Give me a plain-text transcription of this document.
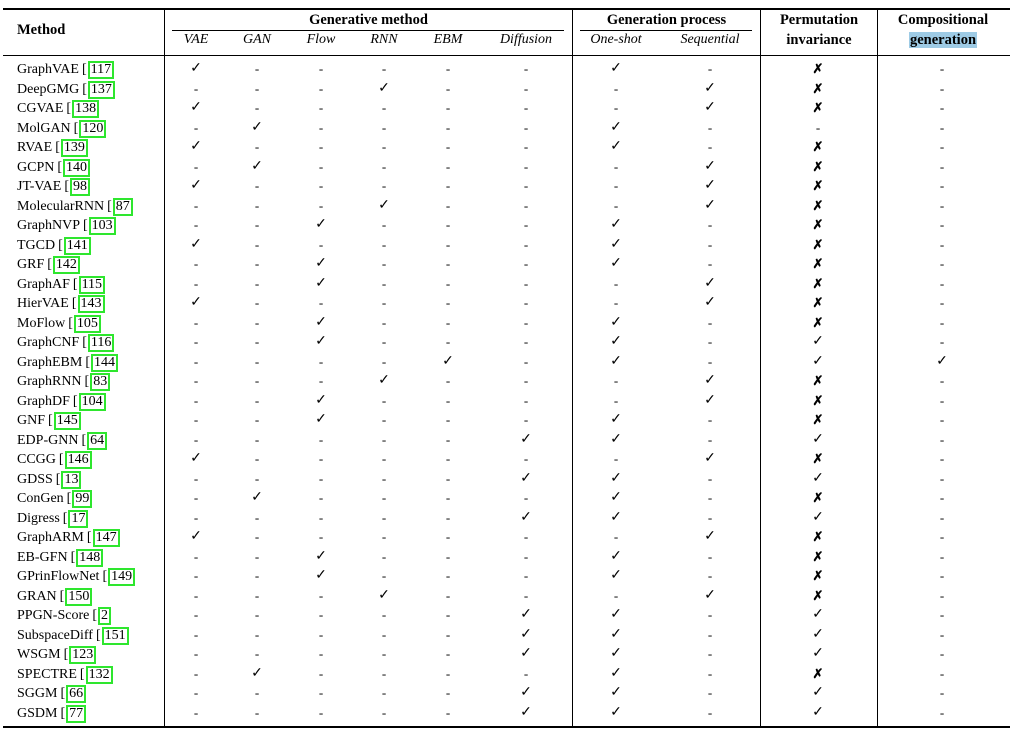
Method
Generative method	Generation process	Permutation
invariance
Compositional
generation
VAE	GAN	Flow	RNN	EBM	Diffusion	One-shot	Sequential
GraphVAE [ 117	✓	-	-	-	-	-	✓	-	✗	-
DeepGMG [ 137	-	-	-	✓	-	-	-	✓	✗	-
CGVAE [ 138	✓	-	-	-	-	-	-	✓	✗	-
MolGAN [ 120	-	✓	-	-	-	-	✓	-	-	-
RVAE [ 139	✓	-	-	-	-	-	✓	-	✗	-
GCPN [ 140	-	✓	-	-	-	-	-	✓	✗	-
JT-VAE [ 98	✓	-	-	-	-	-	-	✓	✗	-
MolecularRNN [ 87	-	-	-	✓	-	-	-	✓	✗	-
GraphNVP [ 103	-	-	✓	-	-	-	✓	-	✗	-
TGCD [ 141	✓	-	-	-	-	-	✓	-	✗	-
GRF [ 142	-	-	✓	-	-	-	✓	-	✗	-
GraphAF [ 115	-	-	✓	-	-	-	-	✓	✗	-
HierVAE [ 143	✓	-	-	-	-	-	-	✓	✗	-
MoFlow [ 105	-	-	✓	-	-	-	✓	-	✗	-
GraphCNF [ 116	-	-	✓	-	-	-	✓	-	✓	-
GraphEBM [ 144	-	-	-	-	✓	-	✓	-	✓	✓
GraphRNN [ 83	-	-	-	✓	-	-	-	✓	✗	-
GraphDF [ 104	-	-	✓	-	-	-	-	✓	✗	-
GNF [ 145	-	-	✓	-	-	-	✓	-	✗	-
EDP-GNN [ 64	-	-	-	-	-	✓	✓	-	✓	-
CCGG [ 146	✓	-	-	-	-	-	-	✓	✗	-
GDSS [ 13	-	-	-	-	-	✓	✓	-	✓	-
ConGen [ 99	-	✓	-	-	-	-	✓	-	✗	-
Digress [ 17	-	-	-	-	-	✓	✓	-	✓	-
GraphARM [ 147	✓	-	-	-	-	-	-	✓	✗	-
EB-GFN [ 148	-	-	✓	-	-	-	✓	-	✗	-
GPrinFlowNet [ 149	-	-	✓	-	-	-	✓	-	✗	-
GRAN [ 150	-	-	-	✓	-	-	-	✓	✗	-
PPGN-Score [ 2	-	-	-	-	-	✓	✓	-	✓	-
SubspaceDiff [ 151	-	-	-	-	-	✓	✓	-	✓	-
WSGM [ 123	-	-	-	-	-	✓	✓	-	✓	-
SPECTRE [ 132	-	✓	-	-	-	-	✓	-	✗	-
SGGM [ 66	-	-	-	-	-	✓	✓	-	✓	-
GSDM [ 77	-	-	-	-	-	✓	✓	-	✓	-
